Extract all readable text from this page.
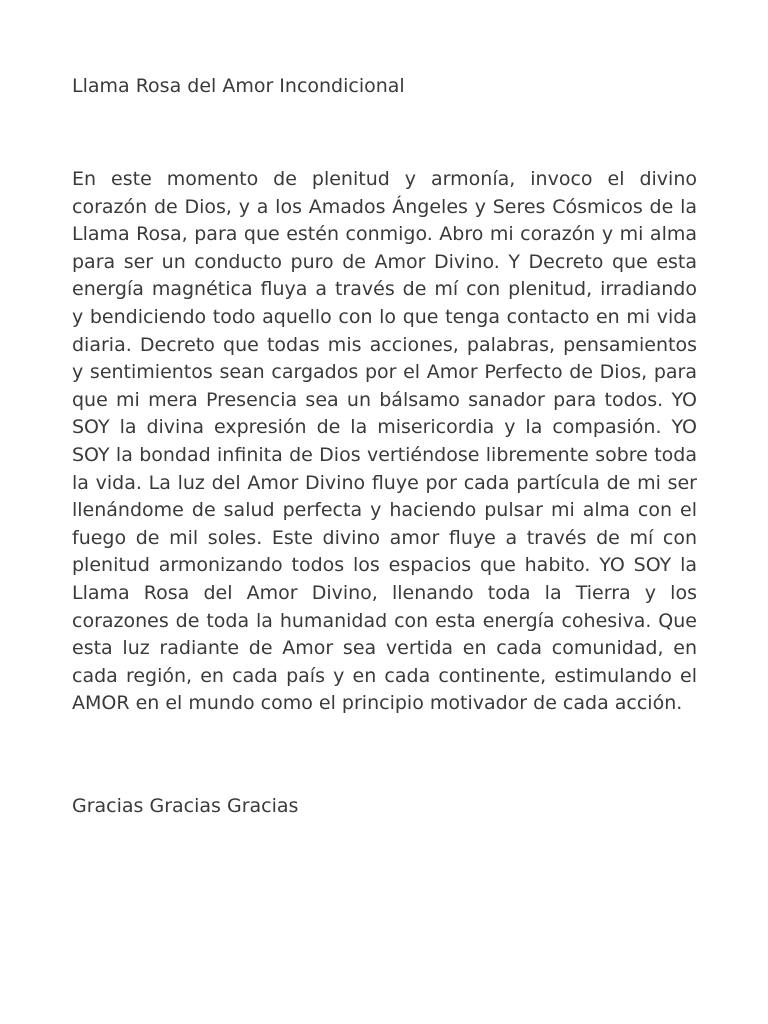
Llama Rosa del Amor Incondicional

En este momento de plenitud y armonía, invoco el divino corazón de Dios, y a los Amados Ángeles y Seres Cósmicos de la Llama Rosa, para que estén conmigo. Abro mi corazón y mi alma para ser un conducto puro de Amor Divino. Y Decreto que esta energía magnética fluya a través de mí con plenitud, irradiando y bendiciendo todo aquello con lo que tenga contacto en mi vida diaria. Decreto que todas mis acciones, palabras, pensamientos y sentimientos sean cargados por el Amor Perfecto de Dios, para que mi mera Presencia sea un bálsamo sanador para todos. YO SOY la divina expresión de la misericordia y la compasión. YO SOY la bondad infinita de Dios vertiéndose libremente sobre toda la vida. La luz del Amor Divino fluye por cada partícula de mi ser llenándome de salud perfecta y haciendo pulsar mi alma con el fuego de mil soles. Este divino amor fluye a través de mí con plenitud armonizando todos los espacios que habito. YO SOY la Llama Rosa del Amor Divino, llenando toda la Tierra y los corazones de toda la humanidad con esta energía cohesiva. Que esta luz radiante de Amor sea vertida en cada comunidad, en cada región, en cada país y en cada continente, estimulando el AMOR en el mundo como el principio motivador de cada acción.

Gracias Gracias Gracias
